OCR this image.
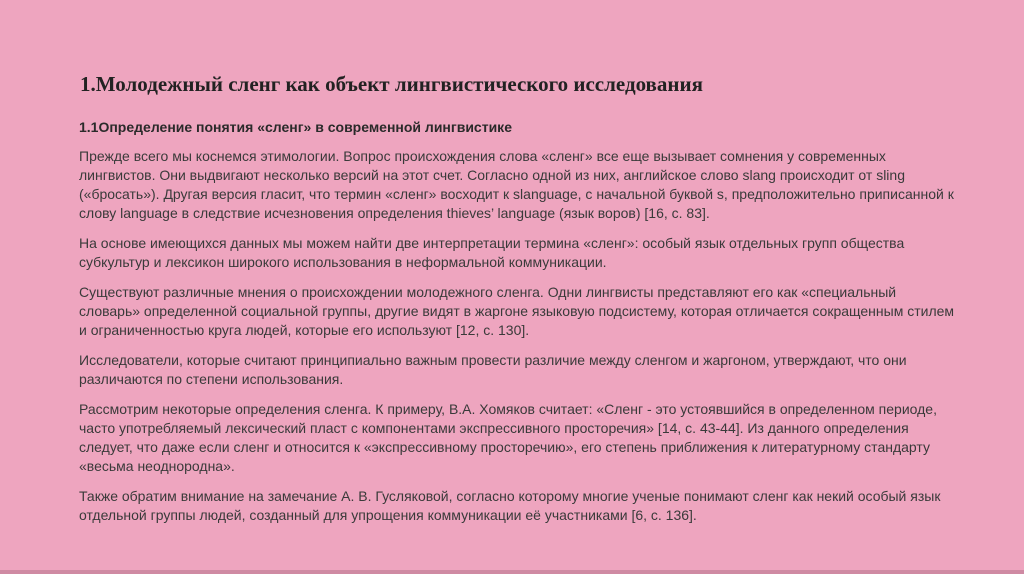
1.Молодежный сленг как объект лингвистического исследования

1.1Определение понятия «сленг» в современной лингвистике

Прежде всего мы коснемся этимологии. Вопрос происхождения слова «сленг» все еще вызывает сомнения у современных лингвистов. Они выдвигают несколько версий на этот счет. Согласно одной из них, английское слово slang происходит от sling («бросать»). Другая версия гласит, что термин «сленг» восходит к slanguage, с начальной буквой s, предположительно приписанной к слову language в следствие исчезновения определения thieves’ language (язык воров) [16, с. 83].

На основе имеющихся данных мы можем найти две интерпретации термина «сленг»: особый язык отдельных групп общества субкультур и лексикон широкого использования в неформальной коммуникации.

Существуют различные мнения о происхождении молодежного сленга. Одни лингвисты представляют его как «специальный словарь» определенной социальной группы, другие видят в жаргоне языковую подсистему, которая отличается сокращенным стилем и ограниченностью круга людей, которые его используют [12, с. 130].

Исследователи, которые считают принципиально важным провести различие между сленгом и жаргоном, утверждают, что они различаются по степени использования.

Рассмотрим некоторые определения сленга. К примеру, В.А. Хомяков считает: «Сленг - это устоявшийся в определенном периоде, часто употребляемый лексический пласт с компонентами экспрессивного просторечия» [14, с. 43-44]. Из данного определения следует, что даже если сленг и относится к «экспрессивному просторечию», его степень приближения к литературному стандарту «весьма неоднородна».

Также обратим внимание на замечание А. В. Гусляковой, согласно которому многие ученые понимают сленг как некий особый язык отдельной группы людей, созданный для упрощения коммуникации её участниками [6, с. 136].
